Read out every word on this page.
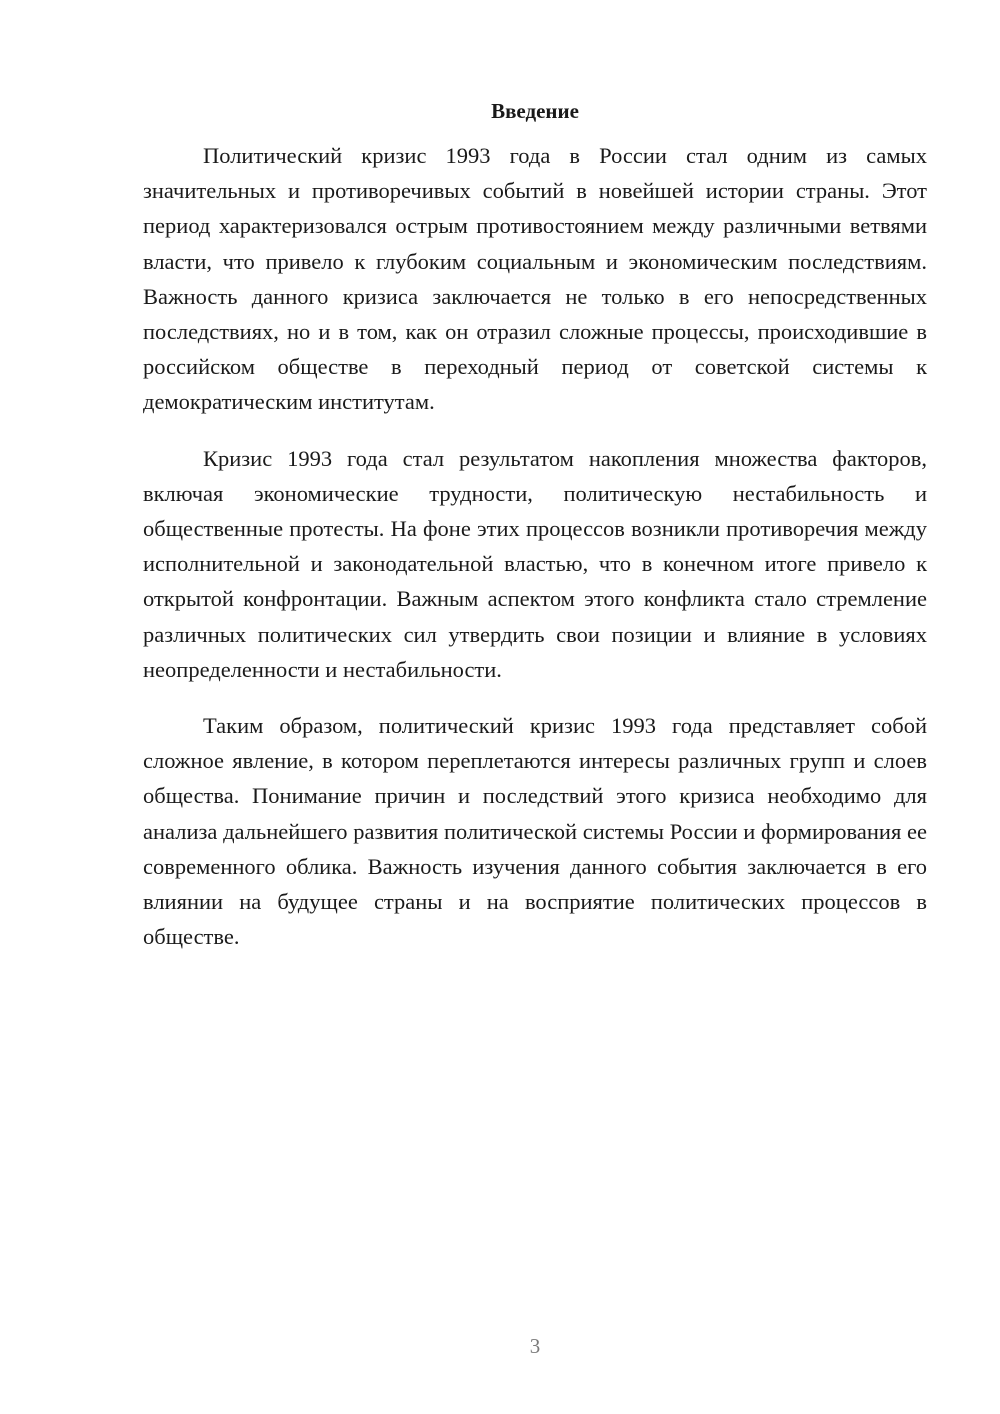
Введение

Политический кризис 1993 года в России стал одним из самых значительных и противоречивых событий в новейшей истории страны. Этот период характеризовался острым противостоянием между различными ветвями власти, что привело к глубоким социальным и экономическим последствиям. Важность данного кризиса заключается не только в его непосредственных последствиях, но и в том, как он отразил сложные процессы, происходившие в российском обществе в переходный период от советской системы к демократическим институтам.

Кризис 1993 года стал результатом накопления множества факторов, включая экономические трудности, политическую нестабильность и общественные протесты. На фоне этих процессов возникли противоречия между исполнительной и законодательной властью, что в конечном итоге привело к открытой конфронтации. Важным аспектом этого конфликта стало стремление различных политических сил утвердить свои позиции и влияние в условиях неопределенности и нестабильности.

Таким образом, политический кризис 1993 года представляет собой сложное явление, в котором переплетаются интересы различных групп и слоев общества. Понимание причин и последствий этого кризиса необходимо для анализа дальнейшего развития политической системы России и формирования ее современного облика. Важность изучения данного события заключается в его влиянии на будущее страны и на восприятие политических процессов в обществе.

3
